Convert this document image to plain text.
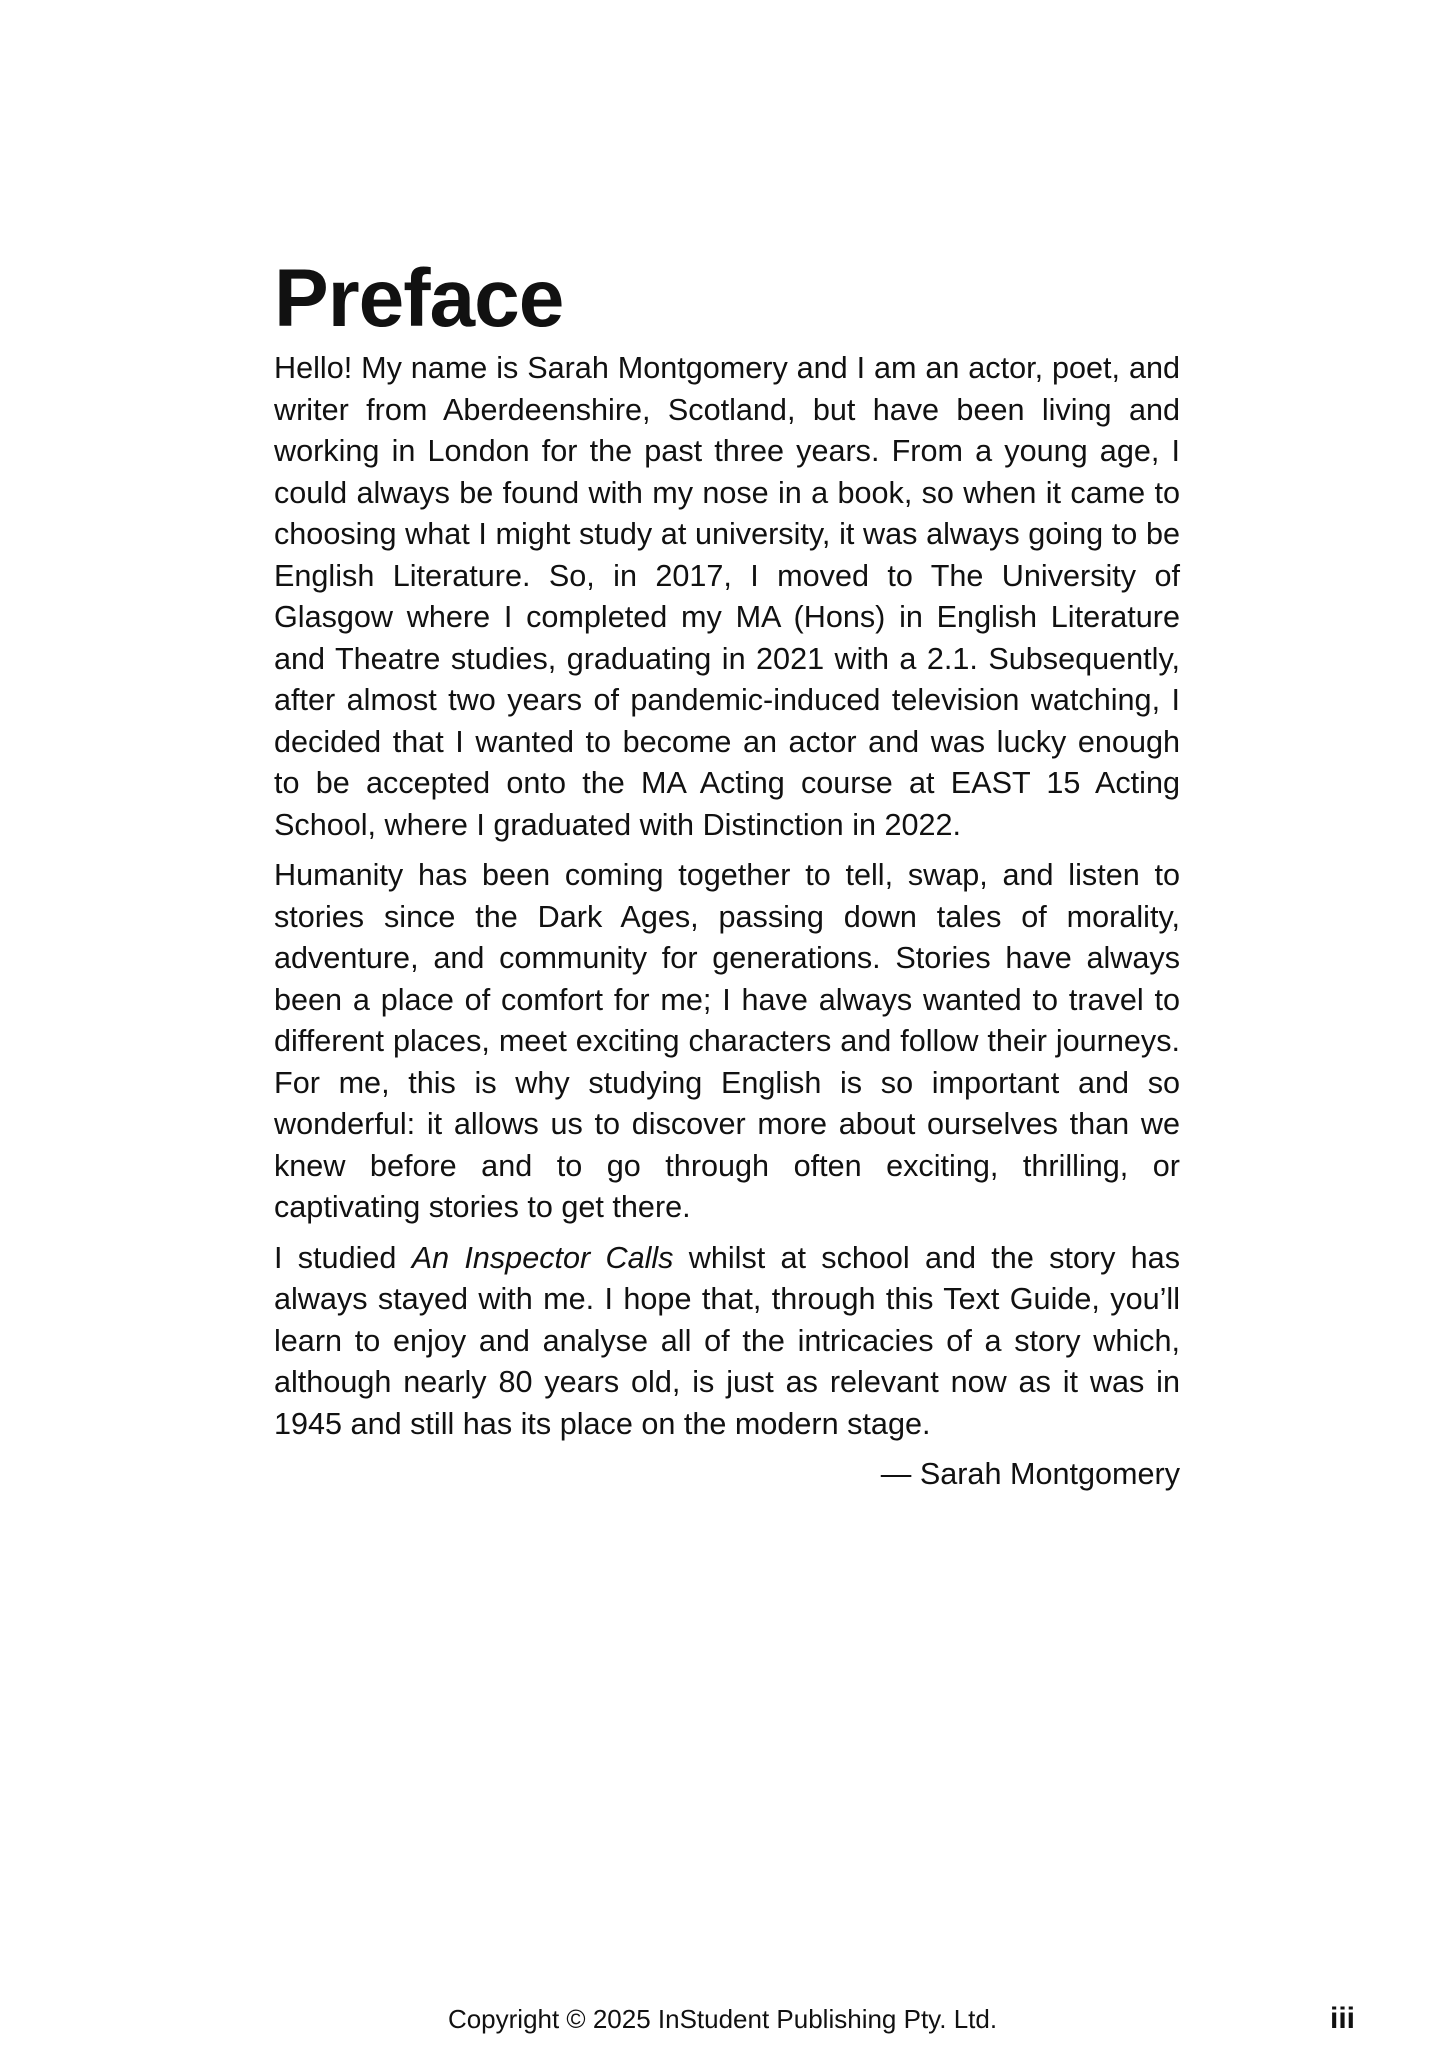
Preface

Hello! My name is Sarah Montgomery and I am an actor, poet, and writer from Aberdeenshire, Scotland, but have been living and working in London for the past three years. From a young age, I could always be found with my nose in a book, so when it came to choosing what I might study at university, it was always going to be English Literature. So, in 2017, I moved to The University of Glasgow where I completed my MA (Hons) in English Literature and Theatre studies, graduating in 2021 with a 2.1. Subsequently, after almost two years of pandemic-induced television watching, I decided that I wanted to become an actor and was lucky enough to be accepted onto the MA Acting course at EAST 15 Acting School, where I graduated with Distinction in 2022.

Humanity has been coming together to tell, swap, and listen to stories since the Dark Ages, passing down tales of morality, adventure, and community for generations. Stories have always been a place of comfort for me; I have always wanted to travel to different places, meet exciting characters and follow their journeys. For me, this is why studying English is so important and so wonderful: it allows us to discover more about ourselves than we knew before and to go through often exciting, thrilling, or captivating stories to get there.

I studied An Inspector Calls whilst at school and the story has always stayed with me. I hope that, through this Text Guide, you’ll learn to enjoy and analyse all of the intricacies of a story which, although nearly 80 years old, is just as relevant now as it was in 1945 and still has its place on the modern stage.

— Sarah Montgomery

Copyright © 2025 InStudent Publishing Pty. Ltd.	iii
